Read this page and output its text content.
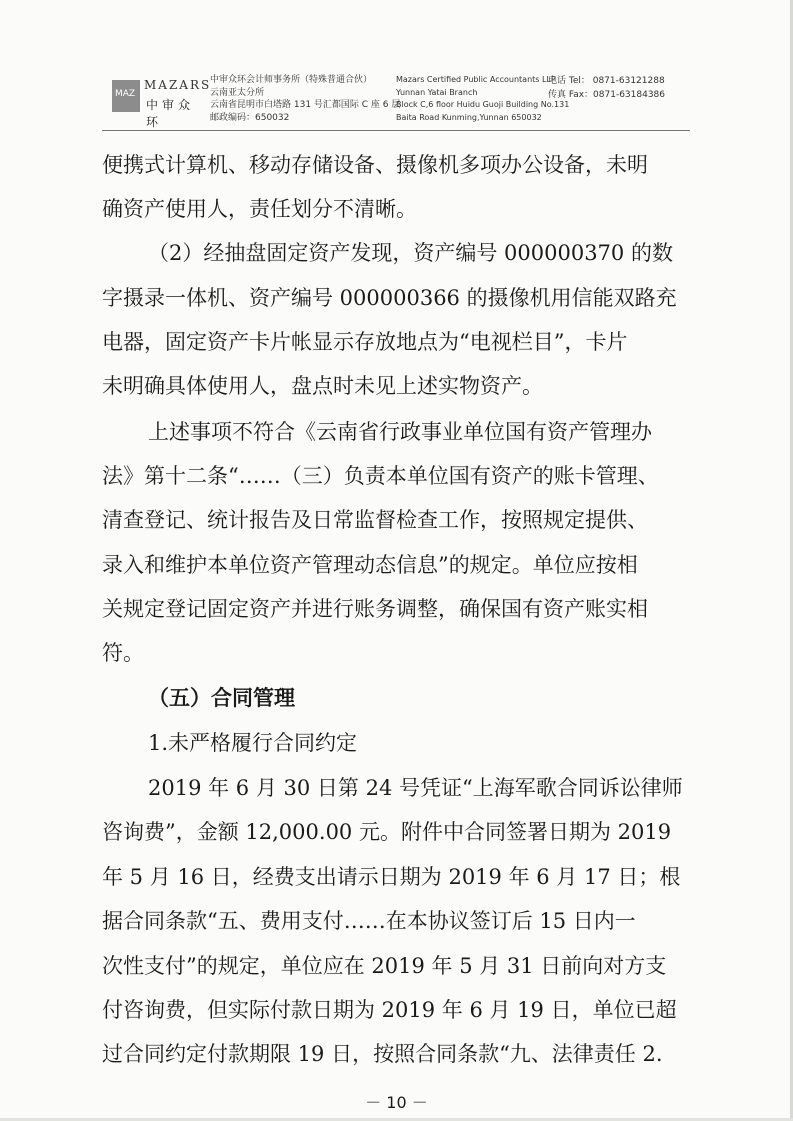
MAZ
MAZARS
中审众环
中审众环会计师事务所（特殊普通合伙）
云南亚太分所
云南省昆明市白塔路 131 号汇都国际 C 座 6 层
邮政编码：650032
Mazars Certified Public Accountants LLP
Yunnan Yatai Branch
Block C,6 floor Huidu Guoji Building No.131
Baita Road Kunming,Yunnan 650032
电话 Tel： 0871-63121288
传真 Fax：0871-63184386
便携式计算机、移动存储设备、摄像机多项办公设备，未明
确资产使用人，责任划分不清晰。
（2）经抽盘固定资产发现，资产编号 000000370 的数
字摄录一体机、资产编号 000000366 的摄像机用信能双路充
电器，固定资产卡片帐显示存放地点为“电视栏目”，卡片
未明确具体使用人，盘点时未见上述实物资产。
上述事项不符合《云南省行政事业单位国有资产管理办
法》第十二条“……（三）负责本单位国有资产的账卡管理、
清查登记、统计报告及日常监督检查工作，按照规定提供、
录入和维护本单位资产管理动态信息”的规定。单位应按相
关规定登记固定资产并进行账务调整，确保国有资产账实相
符。
（五）合同管理
1.未严格履行合同约定
2019 年 6 月 30 日第 24 号凭证“上海军歌合同诉讼律师
咨询费”，金额 12,000.00 元。附件中合同签署日期为 2019
年 5 月 16 日，经费支出请示日期为 2019 年 6 月 17 日；根
据合同条款“五、费用支付……在本协议签订后 15 日内一
次性支付”的规定，单位应在 2019 年 5 月 31 日前向对方支
付咨询费，但实际付款日期为 2019 年 6 月 19 日，单位已超
过合同约定付款期限 19 日，按照合同条款“九、法律责任 2.
－ 10 －
